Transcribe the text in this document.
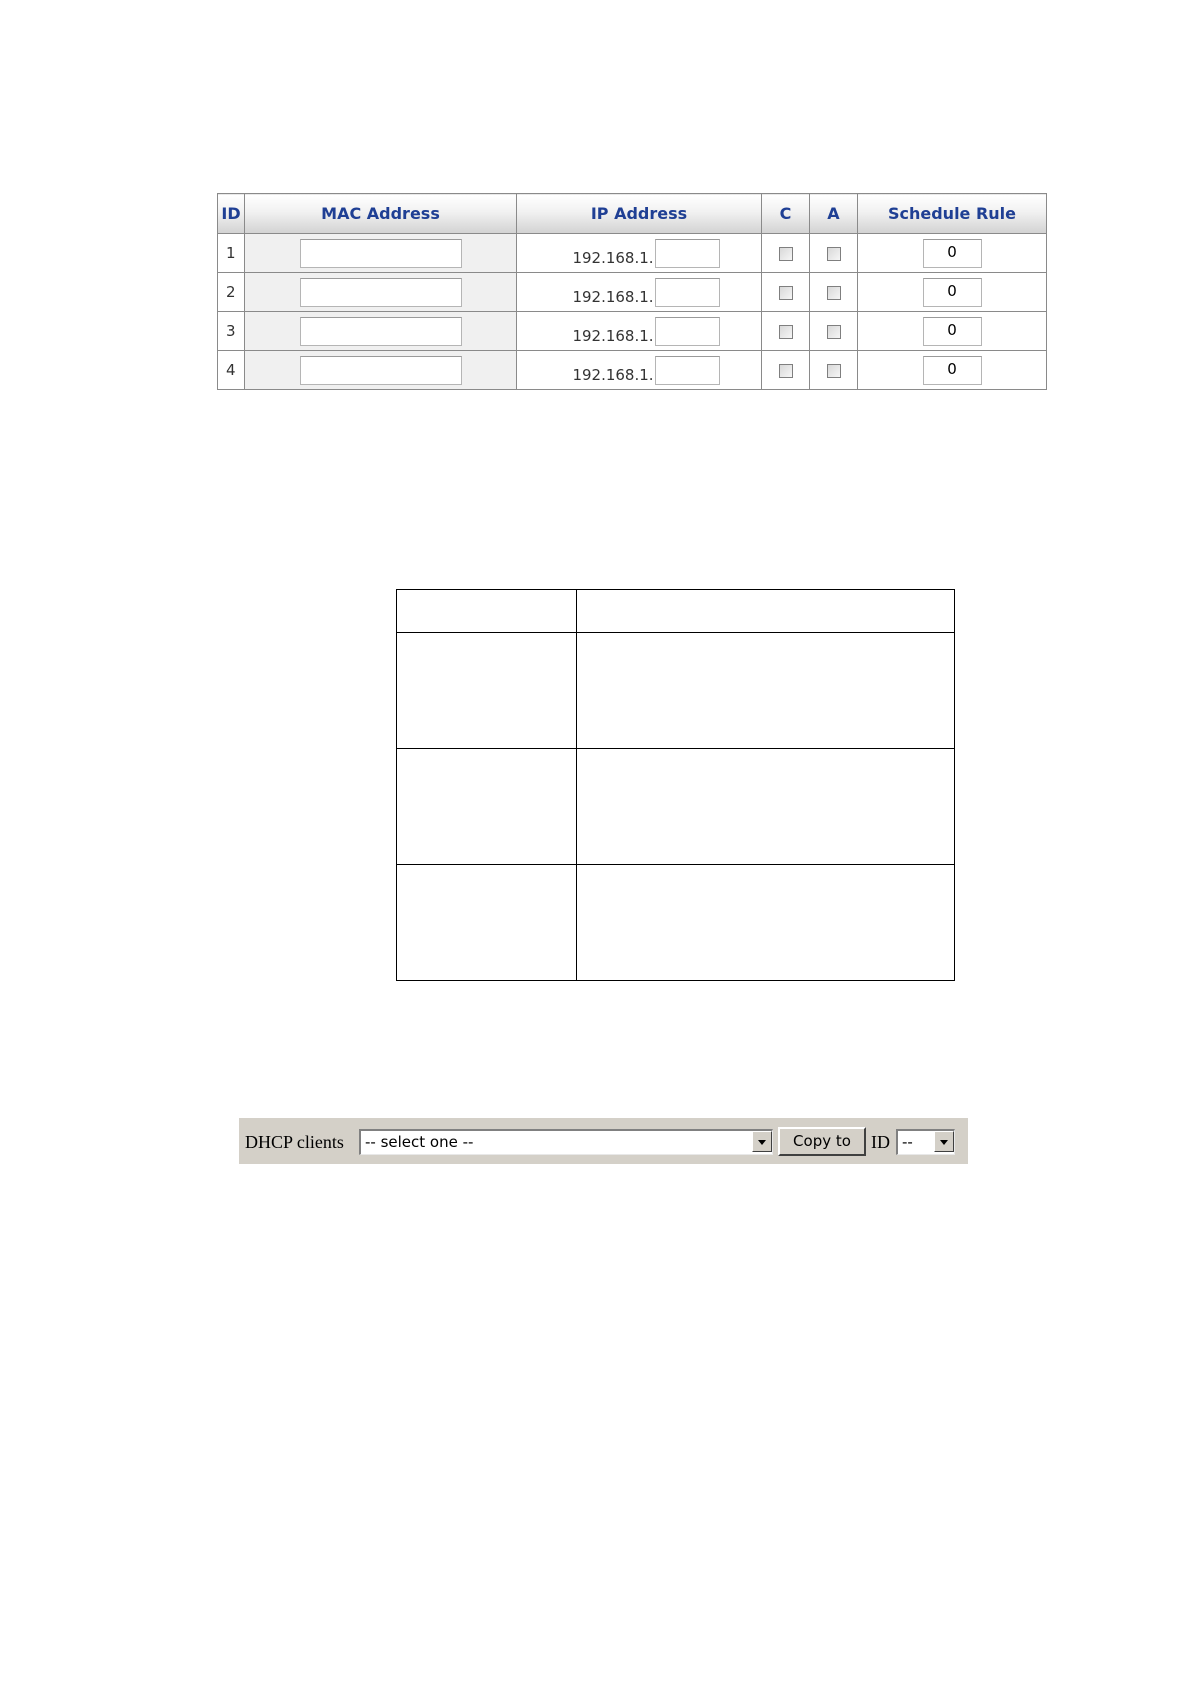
ID	MAC Address	IP Address	C	A	Schedule Rule
1		192.168.1.			0
2		192.168.1.			0
3		192.168.1.			0
4		192.168.1.			0

DHCP clients	-- select one --	Copy to	ID --
